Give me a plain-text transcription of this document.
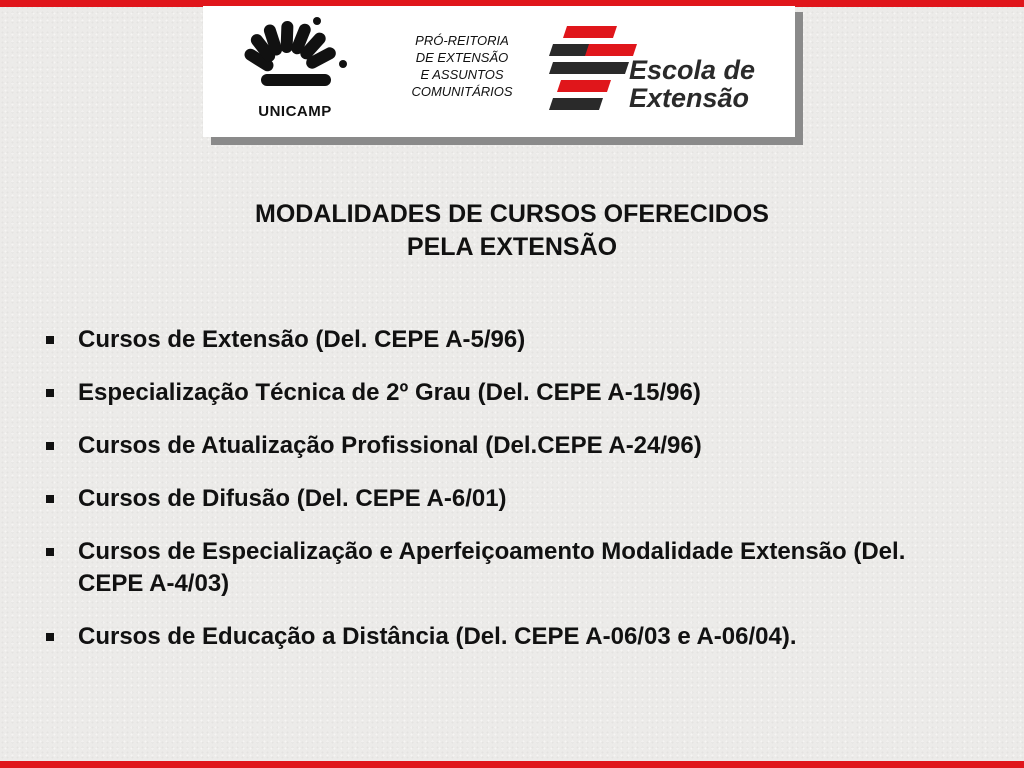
UNICAMP
PRÓ-REITORIA
DE EXTENSÃO
E ASSUNTOS
COMUNITÁRIOS
Escola de
Extensão
MODALIDADES DE CURSOS OFERECIDOS
PELA EXTENSÃO
Cursos de Extensão (Del. CEPE A-5/96)
Especialização Técnica de 2º Grau (Del. CEPE A-15/96)
Cursos de Atualização Profissional (Del.CEPE A-24/96)
Cursos de Difusão (Del. CEPE A-6/01)
Cursos de Especialização e Aperfeiçoamento Modalidade Extensão (Del. CEPE A-4/03)
Cursos de Educação a Distância (Del. CEPE A-06/03 e A-06/04).
